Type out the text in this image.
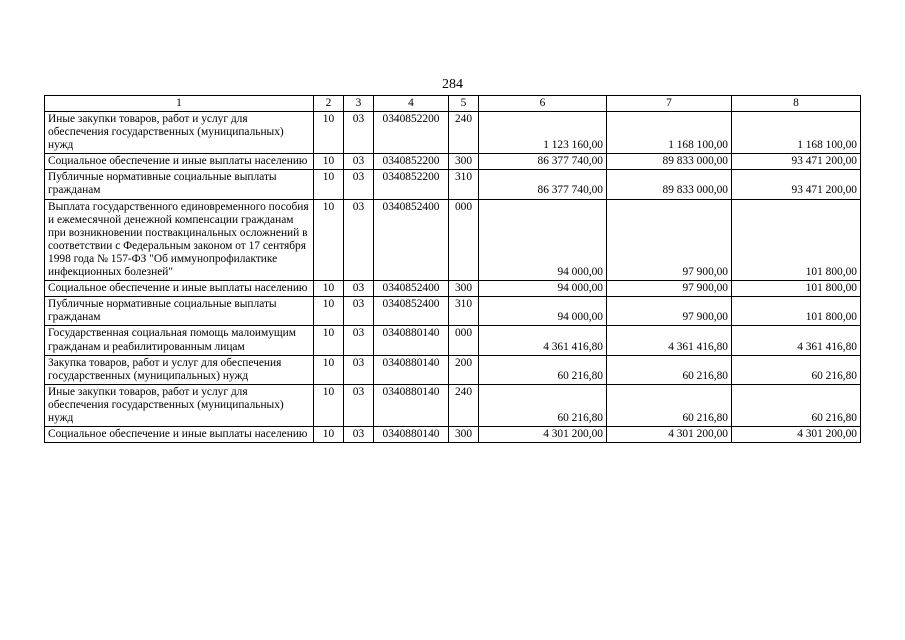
284
1	2	3	4	5	6	7	8
Иные закупки товаров, работ и услуг для обеспечения государственных (муниципальных) нужд	10	03	0340852200	240	1 123 160,00	1 168 100,00	1 168 100,00
Социальное обеспечение и иные выплаты населению	10	03	0340852200	300	86 377 740,00	89 833 000,00	93 471 200,00
Публичные нормативные социальные выплаты гражданам	10	03	0340852200	310	86 377 740,00	89 833 000,00	93 471 200,00
Выплата государственного единовременного пособия и ежемесячной денежной компенсации гражданам при возникновении поствакцинальных осложнений в соответствии с Федеральным законом от 17 сентября 1998 года № 157-ФЗ "Об иммунопрофилактике инфекционных болезней"	10	03	0340852400	000	94 000,00	97 900,00	101 800,00
Социальное обеспечение и иные выплаты населению	10	03	0340852400	300	94 000,00	97 900,00	101 800,00
Публичные нормативные социальные выплаты гражданам	10	03	0340852400	310	94 000,00	97 900,00	101 800,00
Государственная социальная помощь малоимущим гражданам и реабилитированным лицам	10	03	0340880140	000	4 361 416,80	4 361 416,80	4 361 416,80
Закупка товаров, работ и услуг для обеспечения государственных (муниципальных) нужд	10	03	0340880140	200	60 216,80	60 216,80	60 216,80
Иные закупки товаров, работ и услуг для обеспечения государственных (муниципальных) нужд	10	03	0340880140	240	60 216,80	60 216,80	60 216,80
Социальное обеспечение и иные выплаты населению	10	03	0340880140	300	4 301 200,00	4 301 200,00	4 301 200,00
